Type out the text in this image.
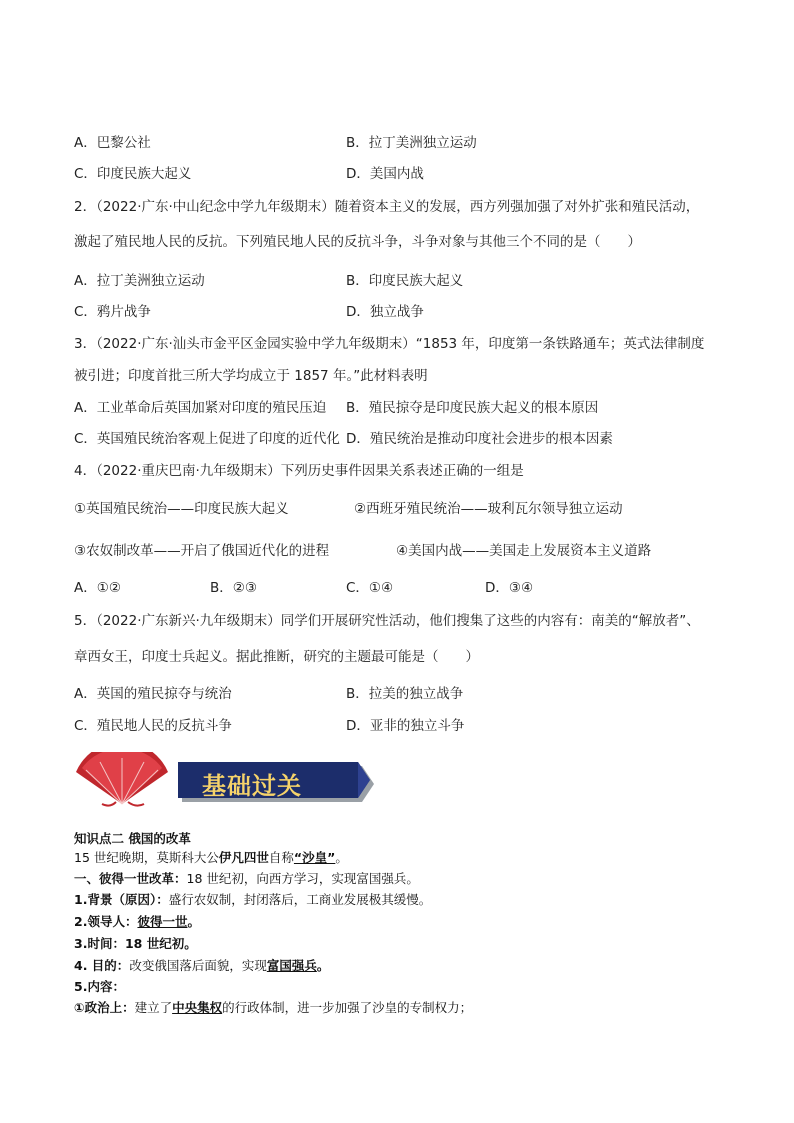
A．巴黎公社	B．拉丁美洲独立运动
C．印度民族大起义	D．美国内战
2．（2022·广东·中山纪念中学九年级期末）随着资本主义的发展，西方列强加强了对外扩张和殖民活动，
激起了殖民地人民的反抗。下列殖民地人民的反抗斗争，斗争对象与其他三个不同的是（　　）
A．拉丁美洲独立运动	B．印度民族大起义
C．鸦片战争	D．独立战争
3．（2022·广东·汕头市金平区金园实验中学九年级期末）“1853 年，印度第一条铁路通车；英式法律制度
被引进；印度首批三所大学均成立于 1857 年。”此材料表明
A．工业革命后英国加紧对印度的殖民压迫 B．殖民掠夺是印度民族大起义的根本原因
C．英国殖民统治客观上促进了印度的近代化 D．殖民统治是推动印度社会进步的根本因素
4．（2022·重庆巴南·九年级期末）下列历史事件因果关系表述正确的一组是
①英国殖民统治——印度民族大起义	②西班牙殖民统治——玻利瓦尔领导独立运动
③农奴制改革——开启了俄国近代化的进程	④美国内战——美国走上发展资本主义道路
A．①②	B．②③	C．①④	D．③④
5．（2022·广东新兴·九年级期末）同学们开展研究性活动，他们搜集了这些的内容有：南美的“解放者”、
章西女王，印度士兵起义。据此推断，研究的主题最可能是（　　）
A．英国的殖民掠夺与统治	B．拉美的独立战争
C．殖民地人民的反抗斗争	D．亚非的独立斗争
基础过关
知识点二 俄国的改革
15 世纪晚期，莫斯科大公伊凡四世自称“沙皇”。
一、彼得一世改革：18 世纪初，向西方学习，实现富国强兵。
1.背景（原因）：盛行农奴制，封闭落后，工商业发展极其缓慢。
2.领导人：彼得一世。
3.时间：18 世纪初。
4. 目的：改变俄国落后面貌，实现富国强兵。
5.内容：
①政治上：建立了中央集权的行政体制，进一步加强了沙皇的专制权力；
